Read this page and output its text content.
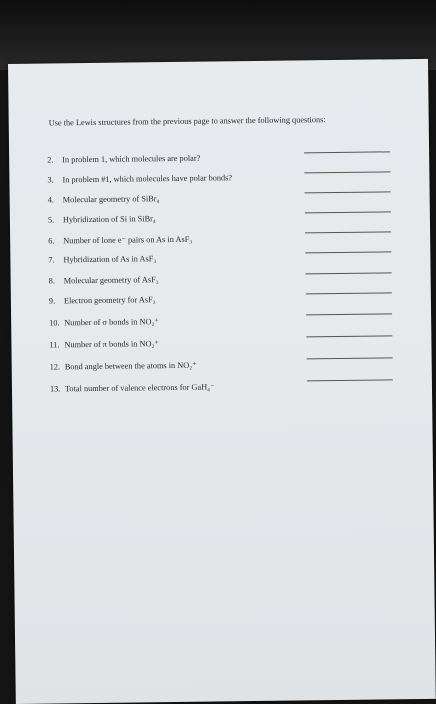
Use the Lewis structures from the previous page to answer the following questions:
2. In problem 1, which molecules are polar?
3. In problem #1, which molecules have polar bonds?
4. Molecular geometry of SiBr₄
5. Hybridization of Si in SiBr₄
6. Number of lone e⁻ pairs on As in AsF₃
7. Hybridization of As in AsF₃
8. Molecular geometry of AsF₃
9. Electron geometry for AsF₃
10. Number of σ bonds in NO₂⁺
11. Number of π bonds in NO₂⁺
12. Bond angle between the atoms in NO₂⁺
13. Total number of valence electrons for GaH₄⁻
